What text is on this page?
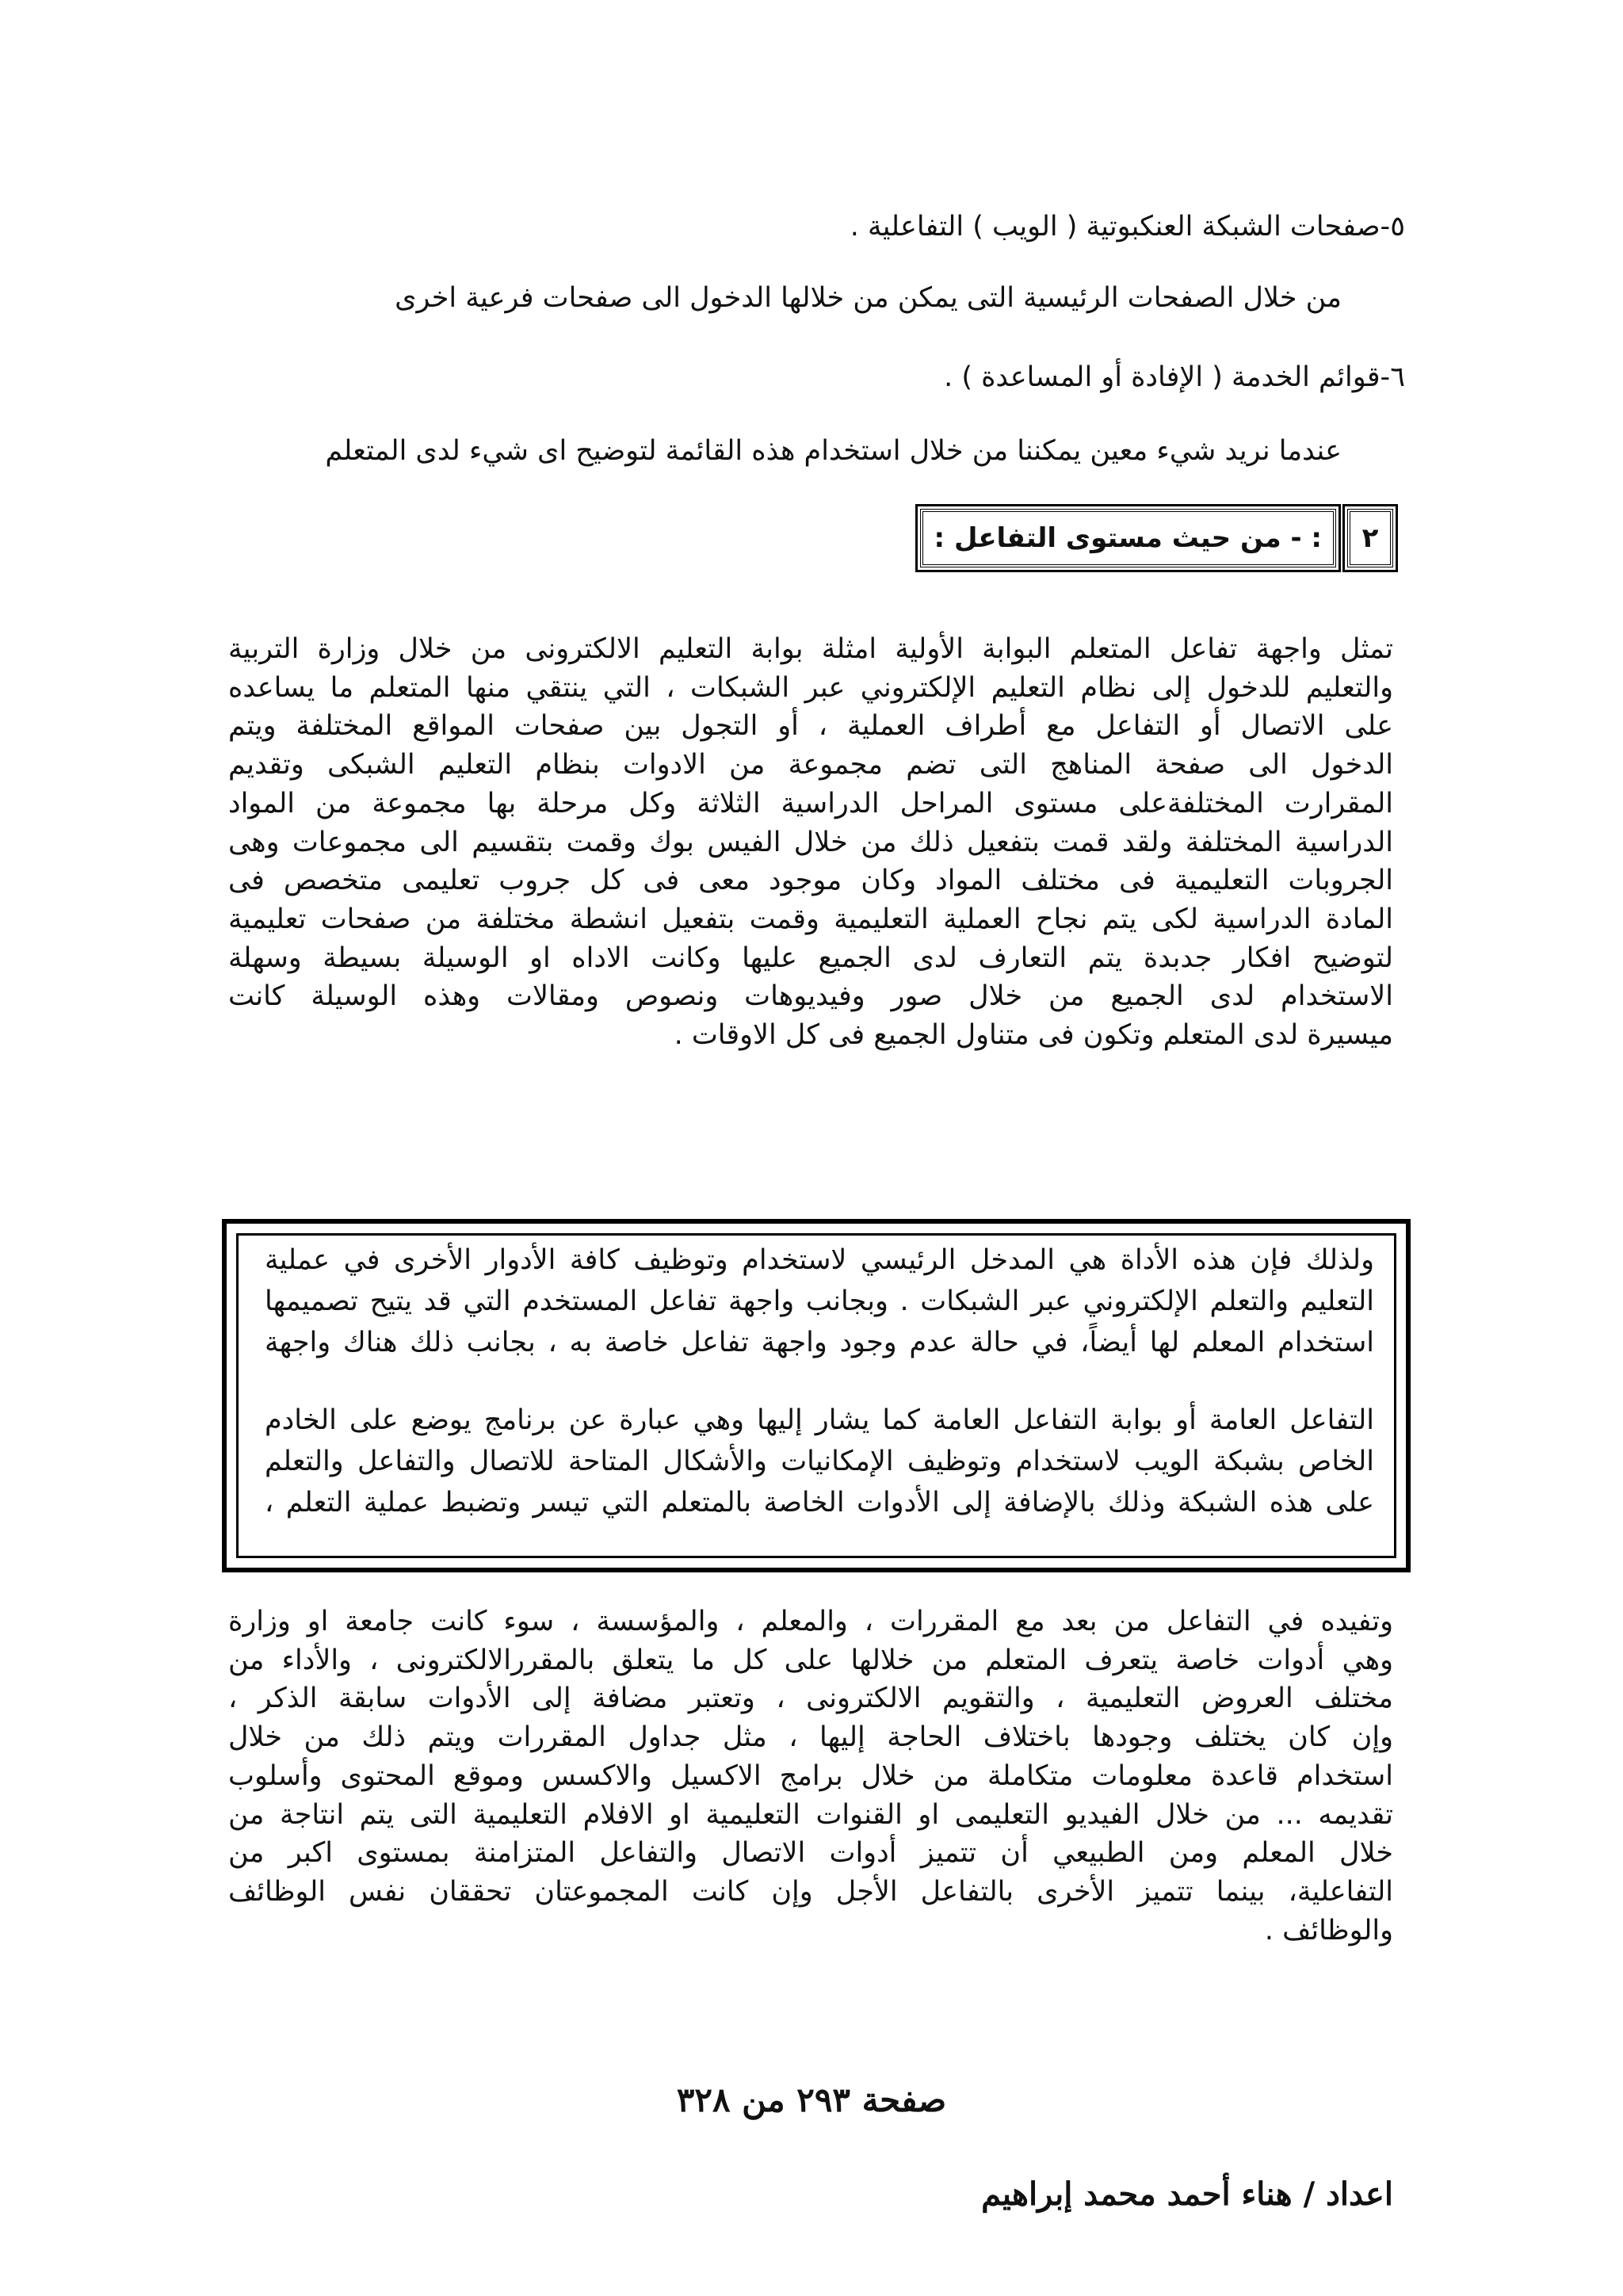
٥-صفحات الشبكة العنكبوتية ( الويب ) التفاعلية .
من خلال الصفحات الرئيسية التى يمكن من خلالها الدخول الى صفحات فرعية اخرى
٦-قوائم الخدمة ( الإفادة أو المساعدة ) .
عندما نريد شيء معين يمكننا من خلال استخدام هذه القائمة لتوضيح اى شيء لدى المتعلم
٢
: - من حيث مستوى التفاعل :
تمثل واجهة تفاعل المتعلم البوابة الأولية امثلة بوابة التعليم الالكترونى من خلال وزارة التربية
والتعليم للدخول إلى نظام التعليم الإلكتروني عبر الشبكات ، التي ينتقي منها المتعلم ما يساعده
على الاتصال أو التفاعل مع أطراف العملية ، أو التجول بين صفحات المواقع المختلفة ويتم
الدخول الى صفحة المناهج التى تضم مجموعة من الادوات بنظام التعليم الشبكى وتقديم
المقرارت المختلفةعلى مستوى المراحل الدراسية الثلاثة وكل مرحلة بها مجموعة من المواد
الدراسية المختلفة ولقد قمت بتفعيل ذلك من خلال الفيس بوك وقمت بتقسيم الى مجموعات وهى
الجروبات التعليمية فى مختلف المواد وكان موجود معى فى كل جروب تعليمى متخصص فى
المادة الدراسية لكى يتم نجاح العملية التعليمية وقمت بتفعيل انشطة مختلفة من صفحات تعليمية
لتوضيح افكار جدبدة يتم التعارف لدى الجميع عليها وكانت الاداه او الوسيلة بسيطة وسهلة
الاستخدام لدى الجميع من خلال صور وفيديوهات ونصوص ومقالات وهذه الوسيلة كانت
ميسيرة لدى المتعلم وتكون فى متناول الجميع فى كل الاوقات .
ولذلك فإن هذه الأداة هي المدخل الرئيسي لاستخدام وتوظيف كافة الأدوار الأخرى في عملية
التعليم والتعلم الإلكتروني عبر الشبكات . وبجانب واجهة تفاعل المستخدم التي قد يتيح تصميمها
استخدام المعلم لها أيضاً، في حالة عدم وجود واجهة تفاعل خاصة به ، بجانب ذلك هناك واجهة
التفاعل العامة أو بوابة التفاعل العامة كما يشار إليها وهي عبارة عن برنامج يوضع على الخادم
الخاص بشبكة الويب لاستخدام وتوظيف الإمكانيات والأشكال المتاحة للاتصال والتفاعل والتعلم
على هذه الشبكة وذلك بالإضافة إلى الأدوات الخاصة بالمتعلم التي تيسر وتضبط عملية التعلم ،
وتفيده في التفاعل من بعد مع المقررات ، والمعلم ، والمؤسسة ، سوء كانت جامعة او وزارة
وهي أدوات خاصة يتعرف المتعلم من خلالها على كل ما يتعلق بالمقررالالكترونى ، والأداء من
مختلف العروض التعليمية ، والتقويم الالكترونى ، وتعتبر مضافة إلى الأدوات سابقة الذكر ،
وإن كان يختلف وجودها باختلاف الحاجة إليها ، مثل جداول المقررات ويتم ذلك من خلال
استخدام قاعدة معلومات متكاملة من خلال برامج الاكسيل والاكسس وموقع المحتوى وأسلوب
تقديمه ... من خلال الفيديو التعليمى او القنوات التعليمية او الافلام التعليمية التى يتم انتاجة من
خلال المعلم ومن الطبيعي أن تتميز أدوات الاتصال والتفاعل المتزامنة بمستوى اكبر من
التفاعلية، بينما تتميز الأخرى بالتفاعل الأجل وإن كانت المجموعتان تحققان نفس الوظائف
والوظائف .
صفحة ٢٩٣ من ٣٢٨
اعداد / هناء أحمد محمد إبراهيم
